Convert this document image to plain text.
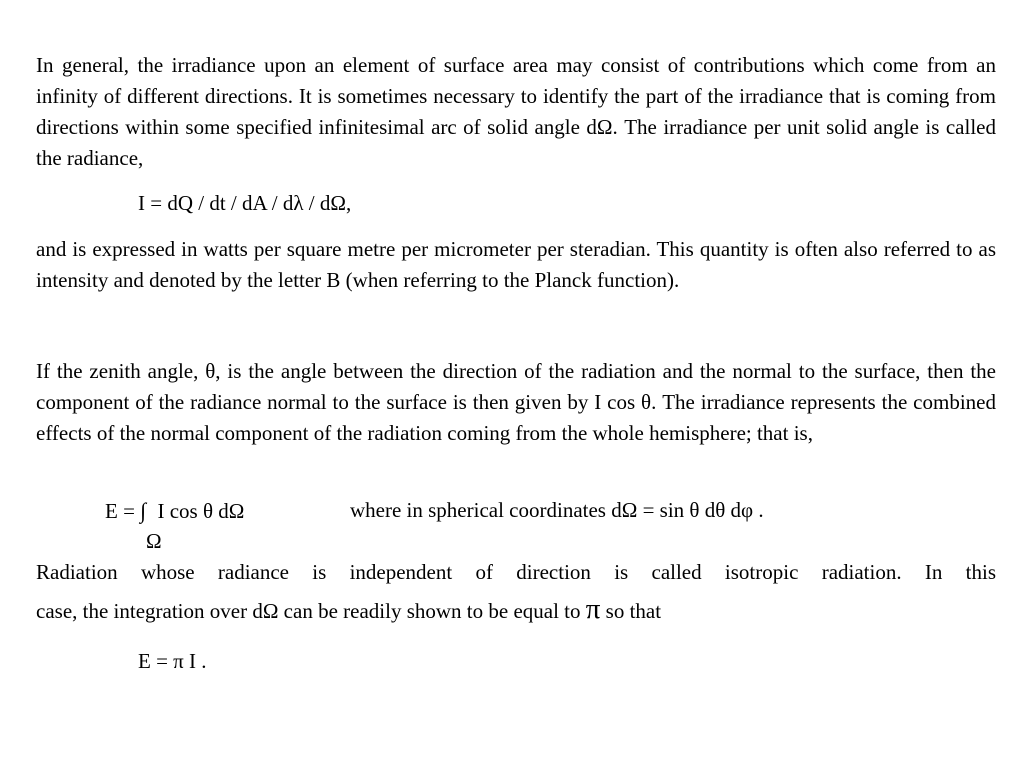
In general, the irradiance upon an element of surface area may consist of contributions which come from an infinity of different directions. It is sometimes necessary to identify the part of the irradiance that is coming from directions within some specified infinitesimal arc of solid angle dΩ. The irradiance per unit solid angle is called the radiance,

I = dQ / dt / dA / dλ / dΩ,

and is expressed in watts per square metre per micrometer per steradian. This quantity is often also referred to as intensity and denoted by the letter B (when referring to the Planck function).

If the zenith angle, θ, is the angle between the direction of the radiation and the normal to the surface, then the component of the radiance normal to the surface is then given by I cos θ. The irradiance represents the combined effects of the normal component of the radiation coming from the whole hemisphere; that is,

E = ∫ I cos θ dΩ
Ω
where in spherical coordinates dΩ = sin θ dθ dφ .

Radiation whose radiance is independent of direction is called isotropic radiation. In this

case, the integration over dΩ can be readily shown to be equal to π so that

E = π I .
